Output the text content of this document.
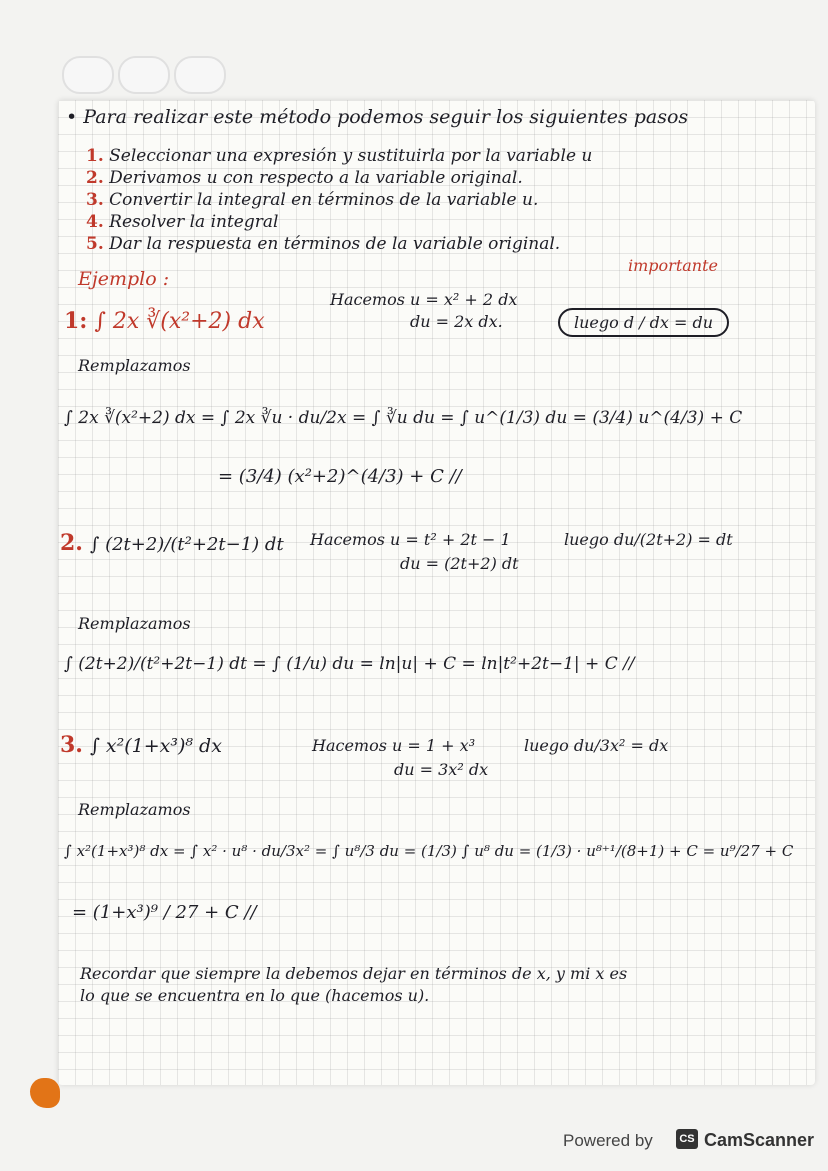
• Para realizar este método podemos seguir los siguientes pasos
1. Seleccionar una expresión y sustituirla por la variable u
2. Derivamos u con respecto a la variable original.
3. Convertir la integral en términos de la variable u.
4. Resolver la integral
5. Dar la respuesta en términos de la variable original.
importante
Ejemplo :
1: ∫ 2x ∛(x²+2) dx
Hacemos u = x² + 2 dx
du = 2x dx.	luego d / dx = du
Remplazamos
∫ 2x ∛(x²+2) dx = ∫ 2x ∛u · du/2x = ∫ ∛u du = ∫ u^(1/3) du = (3/4) u^(4/3) + C
= (3/4) (x²+2)^(4/3) + C //
2. ∫ (2t+2)/(t²+2t−1) dt Hacemos u = t² + 2t − 1
du = (2t+2) dt
luego du/(2t+2) = dt
Remplazamos
∫ (2t+2)/(t²+2t−1) dt = ∫ (1/u) du = ln|u| + C = ln|t²+2t−1| + C //
3. ∫ x²(1+x³)⁸ dx	Hacemos u = 1 + x³
du = 3x² dx
luego du/3x² = dx
Remplazamos
∫ x²(1+x³)⁸ dx = ∫ x² · u⁸ · du/3x² = ∫ u⁸/3 du = (1/3) ∫ u⁸ du = (1/3) · u⁸⁺¹/(8+1) + C = u⁹/27 + C
= (1+x³)⁹ / 27 + C //
Recordar que siempre la debemos dejar en términos de x, y mi x es
lo que se encuentra en lo que (hacemos u).
Powered by	CS CamScanner
